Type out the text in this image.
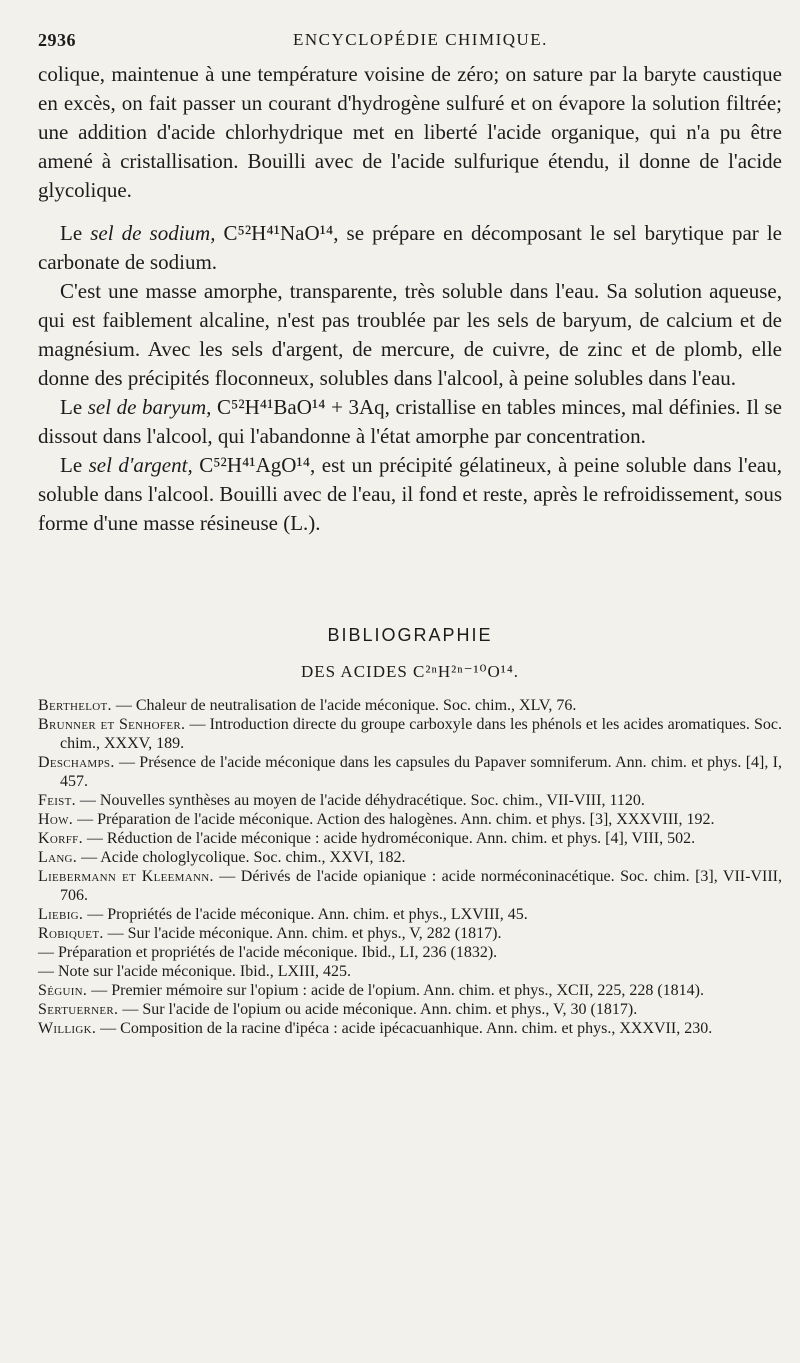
2936	ENCYCLOPÉDIE CHIMIQUE.

colique, maintenue à une température voisine de zéro; on sature par la baryte caustique en excès, on fait passer un courant d'hydrogène sulfuré et on évapore la solution filtrée; une addition d'acide chlorhydrique met en liberté l'acide organique, qui n'a pu être amené à cristallisation. Bouilli avec de l'acide sulfurique étendu, il donne de l'acide glycolique.

Le sel de sodium, C⁵²H⁴¹NaO¹⁴, se prépare en décomposant le sel barytique par le carbonate de sodium.

C'est une masse amorphe, transparente, très soluble dans l'eau. Sa solution aqueuse, qui est faiblement alcaline, n'est pas troublée par les sels de baryum, de calcium et de magnésium. Avec les sels d'argent, de mercure, de cuivre, de zinc et de plomb, elle donne des précipités floconneux, solubles dans l'alcool, à peine solubles dans l'eau.

Le sel de baryum, C⁵²H⁴¹BaO¹⁴ + 3Aq, cristallise en tables minces, mal définies. Il se dissout dans l'alcool, qui l'abandonne à l'état amorphe par concentration.

Le sel d'argent, C⁵²H⁴¹AgO¹⁴, est un précipité gélatineux, à peine soluble dans l'eau, soluble dans l'alcool. Bouilli avec de l'eau, il fond et reste, après le refroidissement, sous forme d'une masse résineuse (L.).

BIBLIOGRAPHIE

DES ACIDES C²ⁿH²ⁿ⁻¹⁰O¹⁴.

Berthelot. — Chaleur de neutralisation de l'acide méconique. Soc. chim., XLV, 76.

Brunner et Senhofer. — Introduction directe du groupe carboxyle dans les phénols et les acides aromatiques. Soc. chim., XXXV, 189.

Deschamps. — Présence de l'acide méconique dans les capsules du Papaver somniferum. Ann. chim. et phys. [4], I, 457.

Feist. — Nouvelles synthèses au moyen de l'acide déhydracétique. Soc. chim., VII-VIII, 1120.

How. — Préparation de l'acide méconique. Action des halogènes. Ann. chim. et phys. [3], XXXVIII, 192.

Korff. — Réduction de l'acide méconique : acide hydroméconique. Ann. chim. et phys. [4], VIII, 502.

Lang. — Acide chologlycolique. Soc. chim., XXVI, 182.

Liebermann et Kleemann. — Dérivés de l'acide opianique : acide norméconinacétique. Soc. chim. [3], VII-VIII, 706.

Liebig. — Propriétés de l'acide méconique. Ann. chim. et phys., LXVIII, 45.

Robiquet. — Sur l'acide méconique. Ann. chim. et phys., V, 282 (1817).

— Préparation et propriétés de l'acide méconique. Ibid., LI, 236 (1832).

— Note sur l'acide méconique. Ibid., LXIII, 425.

Séguin. — Premier mémoire sur l'opium : acide de l'opium. Ann. chim. et phys., XCII, 225, 228 (1814).

Sertuerner. — Sur l'acide de l'opium ou acide méconique. Ann. chim. et phys., V, 30 (1817).

Willigk. — Composition de la racine d'ipéca : acide ipécacuanhique. Ann. chim. et phys., XXXVII, 230.
